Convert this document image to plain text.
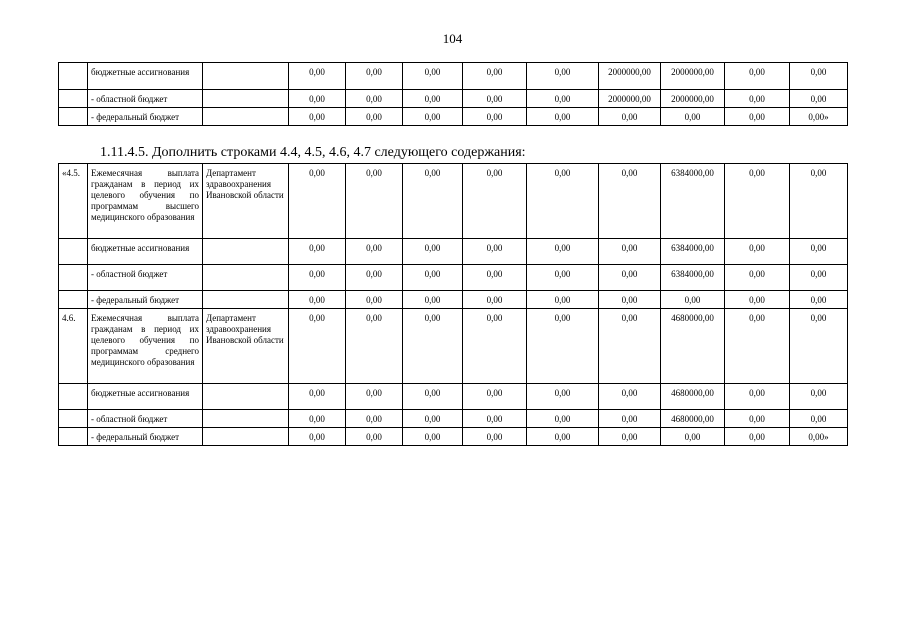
104
	бюджетные ассигнования		0,00	0,00	0,00	0,00	0,00	2000000,00	2000000,00	0,00	0,00
	- областной бюджет		0,00	0,00	0,00	0,00	0,00	2000000,00	2000000,00	0,00	0,00
	- федеральный бюджет		0,00	0,00	0,00	0,00	0,00	0,00	0,00	0,00	0,00»
1.11.4.5. Дополнить строками 4.4, 4.5, 4.6, 4.7 следующего содержания:
«4.5.	Ежемесячная выплата гражданам в период их целевого обучения по программам высшего медицинского образования	Департамент здравоохранения Ивановской области	0,00	0,00	0,00	0,00	0,00	0,00	6384000,00	0,00	0,00
	бюджетные ассигнования		0,00	0,00	0,00	0,00	0,00	0,00	6384000,00	0,00	0,00
	- областной бюджет		0,00	0,00	0,00	0,00	0,00	0,00	6384000,00	0,00	0,00
	- федеральный бюджет		0,00	0,00	0,00	0,00	0,00	0,00	0,00	0,00	0,00
4.6.	Ежемесячная выплата гражданам в период их целевого обучения по программам среднего медицинского образования	Департамент здравоохранения Ивановской области	0,00	0,00	0,00	0,00	0,00	0,00	4680000,00	0,00	0,00
	бюджетные ассигнования		0,00	0,00	0,00	0,00	0,00	0,00	4680000,00	0,00	0,00
	- областной бюджет		0,00	0,00	0,00	0,00	0,00	0,00	4680000,00	0,00	0,00
	- федеральный бюджет		0,00	0,00	0,00	0,00	0,00	0,00	0,00	0,00	0,00»
